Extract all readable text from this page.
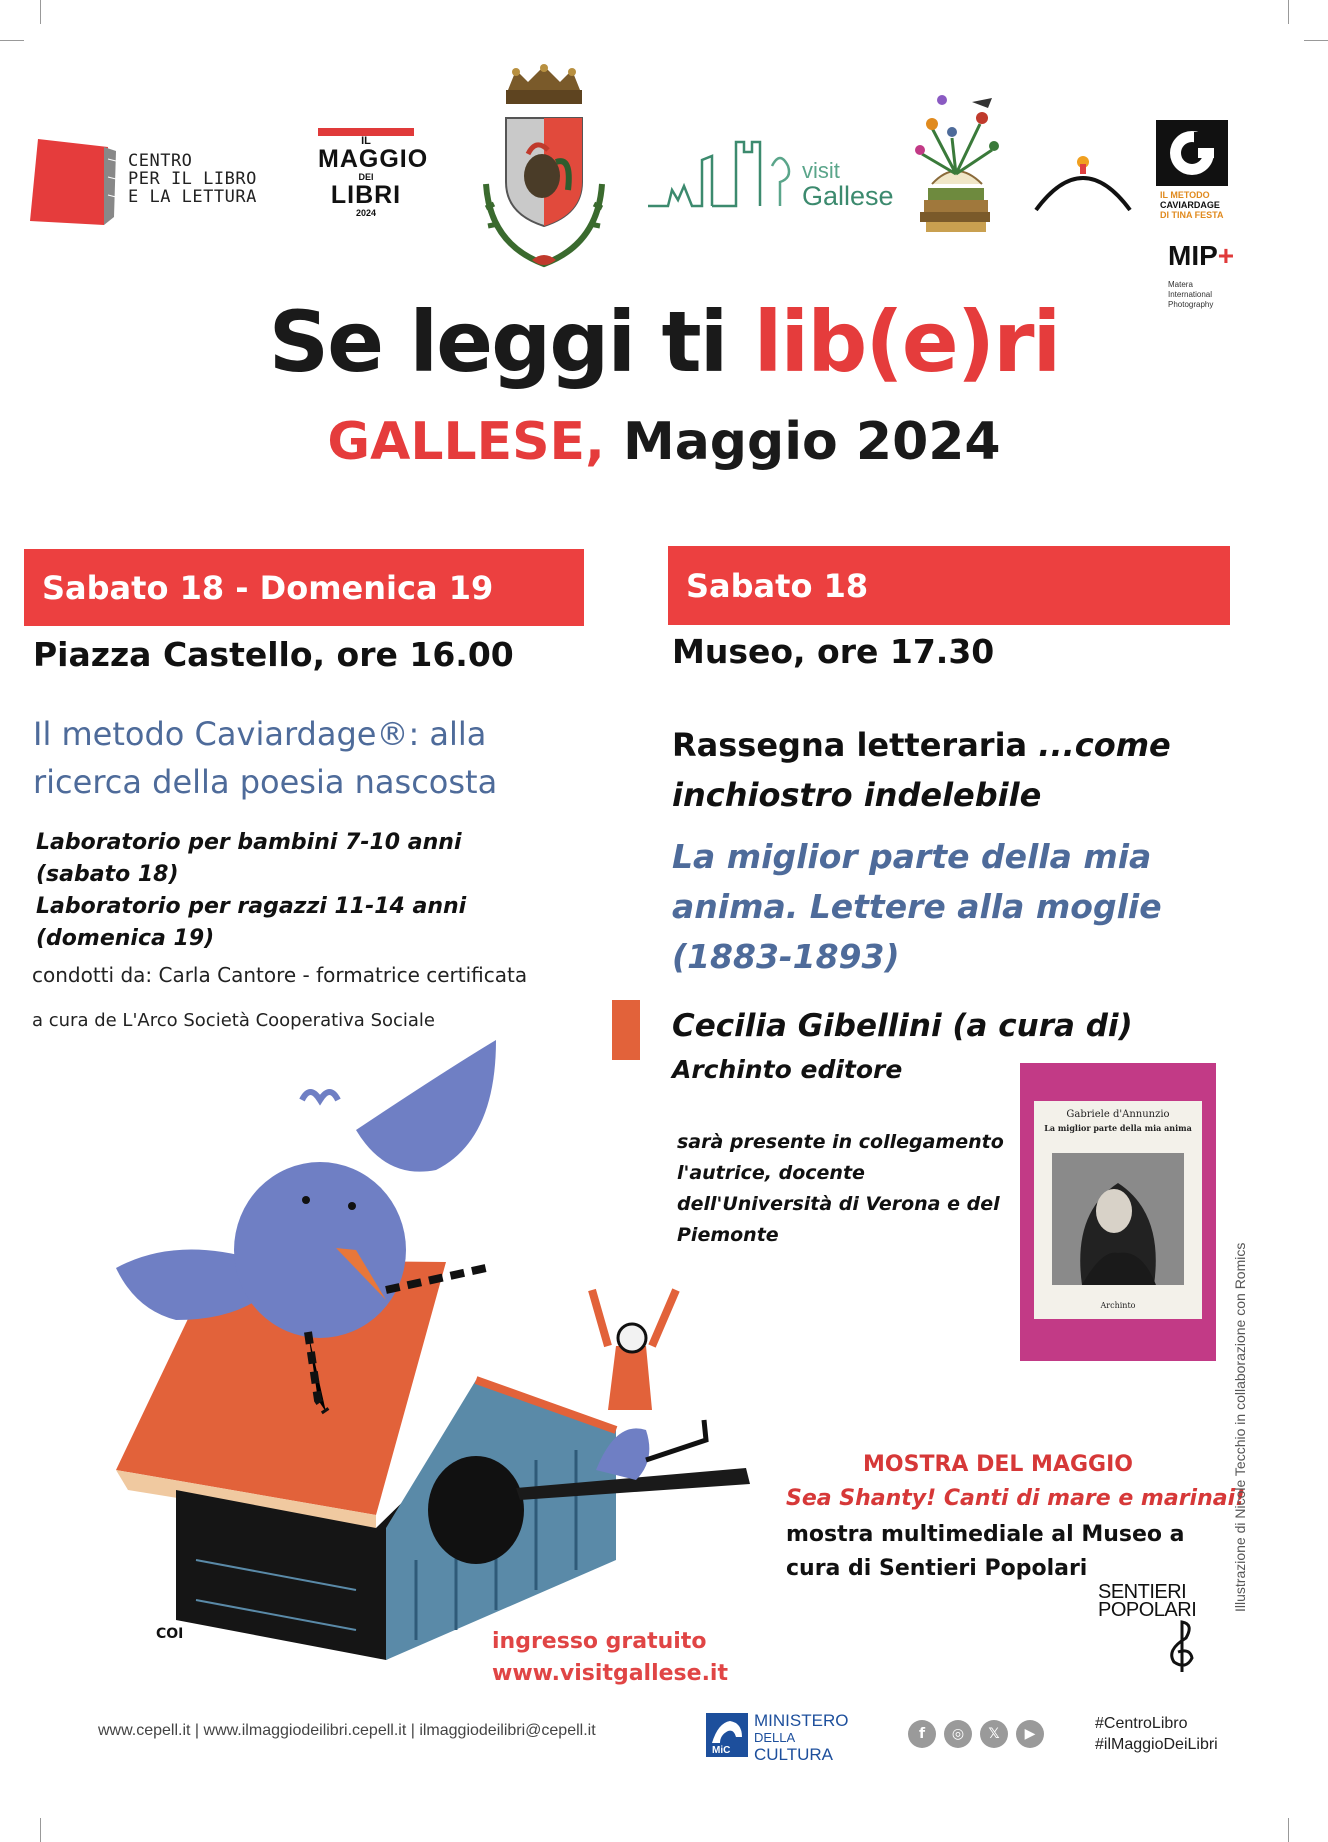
CENTRO
PER IL LIBRO
E LA LETTURA
IL
MAGGIO
DEI
LIBRI
2024
visit
Gallese	IL METODO
CAVIARDAGE
DI TINA FESTA
MIP+
Matera International Photography
Se leggi ti lib(e)ri
GALLESE, Maggio 2024
Sabato 18 - Domenica 19
Piazza Castello, ore 16.00
Il metodo Caviardage®: alla
ricerca della poesia nascosta
Laboratorio per bambini 7-10 anni
(sabato 18)
Laboratorio per ragazzi 11-14 anni
(domenica 19)
condotti da: Carla Cantore - formatrice certificata
a cura de L'Arco Società Cooperativa Sociale
COI
Sabato 18
Museo, ore 17.30
Rassegna letteraria ...come
inchiostro indelebile
La miglior parte della mia
anima. Lettere alla moglie
(1883-1893)
Cecilia Gibellini (a cura di)
Archinto editore
sarà presente in collegamento
l'autrice, docente
dell'Università di Verona e del
Piemonte
Gabriele d'Annunzio
La miglior parte della mia anima
Archinto
MOSTRA DEL MAGGIO
Sea Shanty! Canti di mare e marinai!
mostra multimediale al Museo a
cura di Sentieri Popolari
SENTIERI
POPOLARI
ingresso gratuito
www.visitgallese.it
Illustrazione di Nicole Tecchio in collaborazione con Romics
www.cepell.it | www.ilmaggiodeilibri.cepell.it | ilmaggiodeilibri@cepell.it
MiC
MINISTERO
DELLA
CULTURA
f	◎	𝕏	▶
#CentroLibro
#ilMaggioDeiLibri
